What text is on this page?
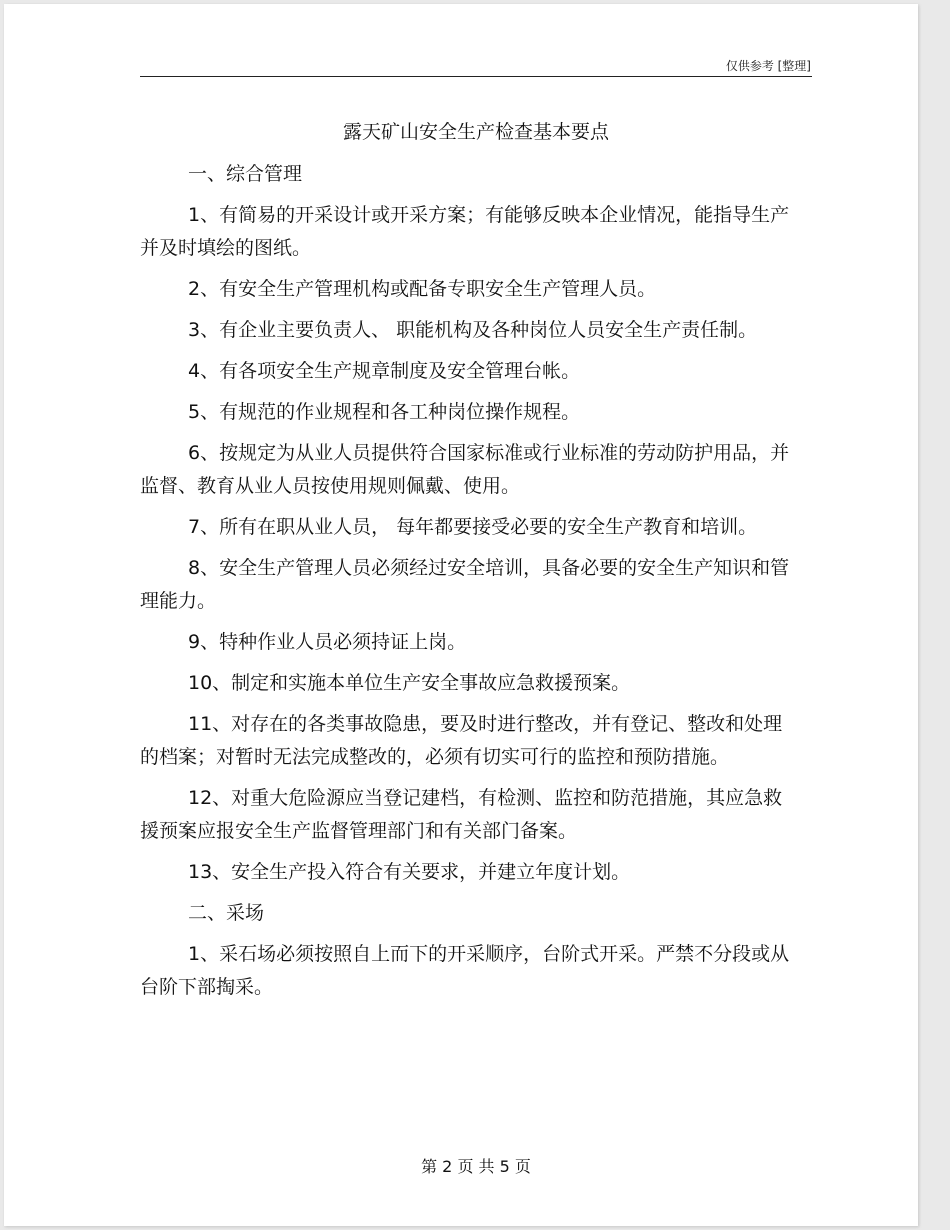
仅供参考 [整理]
露天矿山安全生产检查基本要点

一、综合管理

1、有简易的开采设计或开采方案；有能够反映本企业情况，能指导生产并及时填绘的图纸。

2、有安全生产管理机构或配备专职安全生产管理人员。

3、有企业主要负责人、 职能机构及各种岗位人员安全生产责任制。

4、有各项安全生产规章制度及安全管理台帐。

5、有规范的作业规程和各工种岗位操作规程。

6、按规定为从业人员提供符合国家标准或行业标准的劳动防护用品，并监督、教育从业人员按使用规则佩戴、使用。

7、所有在职从业人员， 每年都要接受必要的安全生产教育和培训。

8、安全生产管理人员必须经过安全培训，具备必要的安全生产知识和管理能力。

9、特种作业人员必须持证上岗。

10、制定和实施本单位生产安全事故应急救援预案。

11、对存在的各类事故隐患，要及时进行整改，并有登记、整改和处理的档案；对暂时无法完成整改的，必须有切实可行的监控和预防措施。

12、对重大危险源应当登记建档，有检测、监控和防范措施，其应急救援预案应报安全生产监督管理部门和有关部门备案。

13、安全生产投入符合有关要求，并建立年度计划。

二、采场

1、采石场必须按照自上而下的开采顺序，台阶式开采。严禁不分段或从台阶下部掏采。

第 2 页 共 5 页
